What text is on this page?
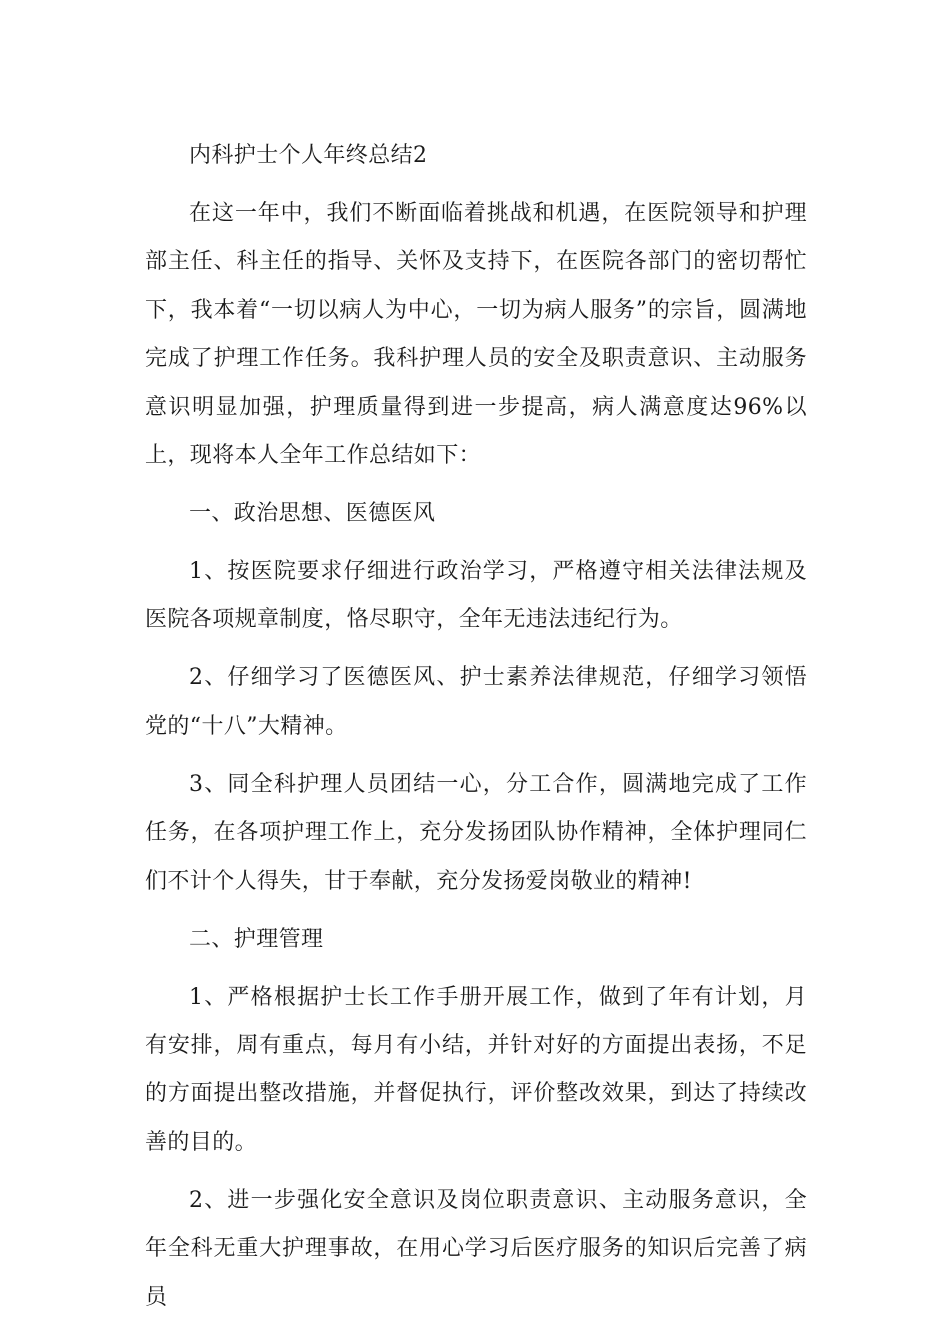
内科护士个人年终总结2

在这一年中，我们不断面临着挑战和机遇，在医院领导和护理部主任、科主任的指导、关怀及支持下，在医院各部门的密切帮忙下，我本着“一切以病人为中心，一切为病人服务”的宗旨，圆满地完成了护理工作任务。我科护理人员的安全及职责意识、主动服务意识明显加强，护理质量得到进一步提高，病人满意度达96%以上，现将本人全年工作总结如下：

一、政治思想、医德医风

1、按医院要求仔细进行政治学习，严格遵守相关法律法规及医院各项规章制度，恪尽职守，全年无违法违纪行为。

2、仔细学习了医德医风、护士素养法律规范，仔细学习领悟党的“十八”大精神。

3、同全科护理人员团结一心，分工合作，圆满地完成了工作任务，在各项护理工作上，充分发扬团队协作精神，全体护理同仁们不计个人得失，甘于奉献，充分发扬爱岗敬业的精神!

二、护理管理

1、严格根据护士长工作手册开展工作，做到了年有计划，月有安排，周有重点，每月有小结，并针对好的方面提出表扬，不足的方面提出整改措施，并督促执行，评价整改效果，到达了持续改善的目的。

2、进一步强化安全意识及岗位职责意识、主动服务意识，全年全科无重大护理事故，在用心学习后医疗服务的知识后完善了病员
